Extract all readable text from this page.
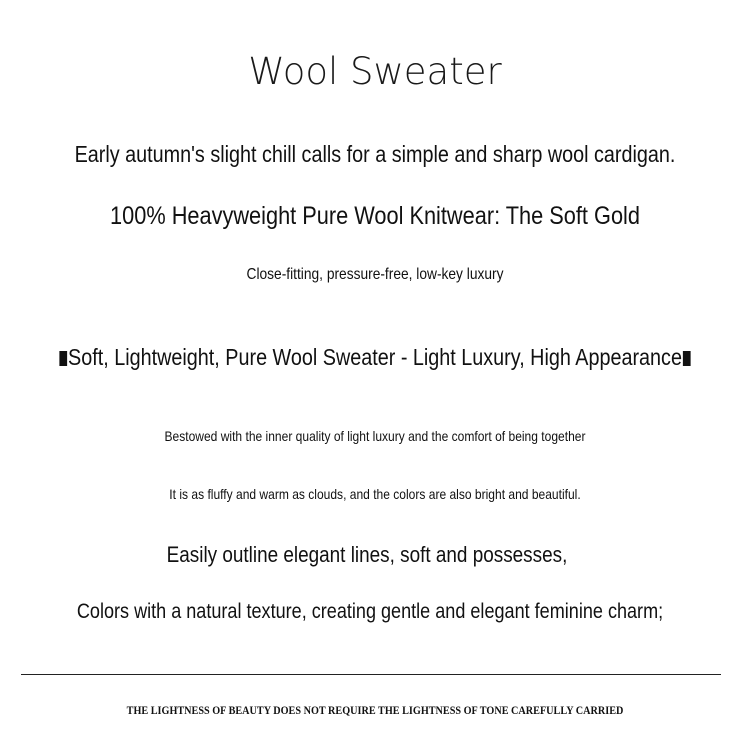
Wool Sweater
Early autumn's slight chill calls for a simple and sharp wool cardigan.
100% Heavyweight Pure Wool Knitwear: The Soft Gold
Close-fitting, pressure-free, low-key luxury
Soft, Lightweight, Pure Wool Sweater - Light Luxury, High Appearance
Bestowed with the inner quality of light luxury and the comfort of being together
It is as fluffy and warm as clouds, and the colors are also bright and beautiful.
Easily outline elegant lines, soft and possesses,
Colors with a natural texture, creating gentle and elegant feminine charm;
THE LIGHTNESS OF BEAUTY DOES NOT REQUIRE THE LIGHTNESS OF TONE CAREFULLY CARRIED
